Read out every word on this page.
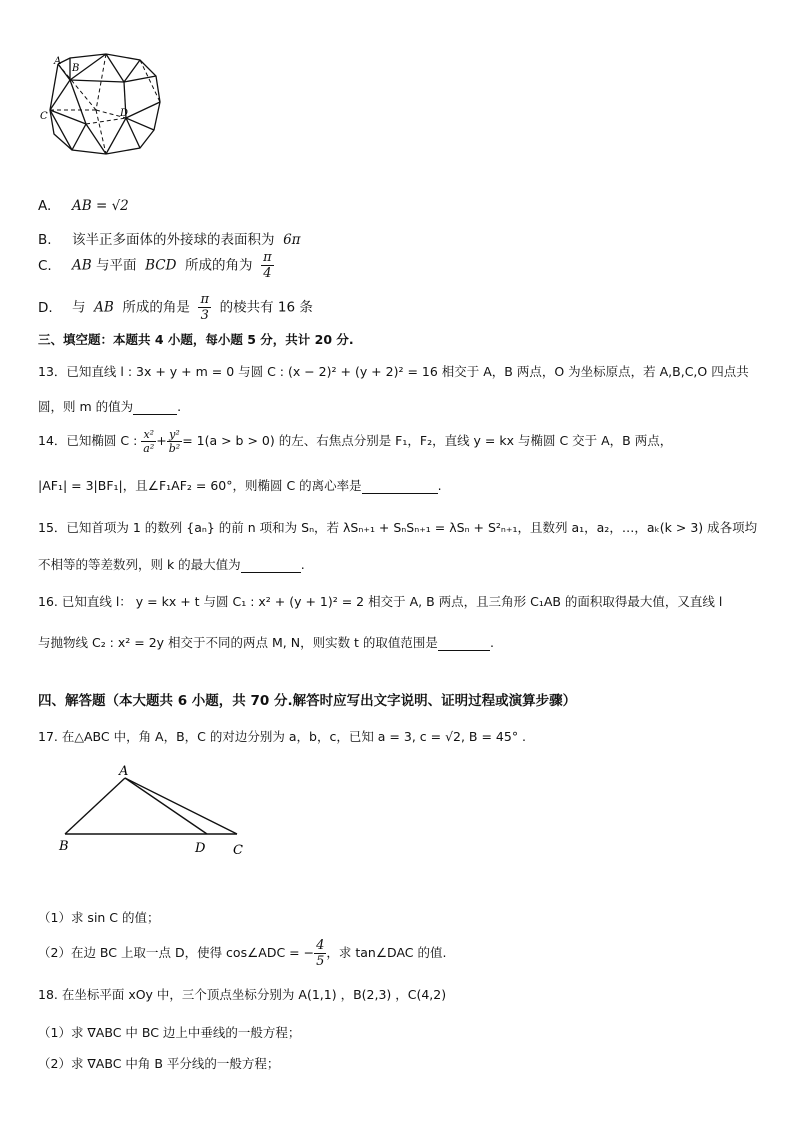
A
B
C	D
A. AB = √2
B. 该半正多面体的外接球的表面积为 6π
C. AB 与平面 BCD 所成的角为 $\frac{\pi}{4}$
D. 与 AB 所成的角是 $\frac{\pi}{3}$ 的棱共有 16 条
三、填空题：本题共 4 小题，每小题 5 分，共计 20 分.
13．已知直线 l : 3x + y + m = 0 与圆 C : (x − 2)² + (y + 2)² = 16 相交于 A，B 两点，O 为坐标原点，若 A,B,C,O 四点共
圆，则 m 的值为	.
14．已知椭圆 C : $\frac{\text{x²}}{\text{a²}} + \frac{\text{y²}}{\text{b²}} = 1(a > b > 0)$ 的左、右焦点分别是 F₁，F₂，直线 y = kx 与椭圆 C 交于 A，B 两点，
|AF₁| = 3|BF₁|，且∠F₁AF₂ = 60°，则椭圆 C 的离心率是	.
15．已知首项为 1 的数列 {aₙ} 的前 n 项和为 Sₙ，若 λSₙ₊₁ + SₙSₙ₊₁ = λSₙ + S²ₙ₊₁，且数列 a₁，a₂，…，aₖ(k > 3) 成各项均
不相等的等差数列，则 k 的最大值为	.
16. 已知直线 l： y = kx + t 与圆 C₁ : x² + (y + 1)² = 2 相交于 A, B 两点，且三角形 C₁AB 的面积取得最大值，又直线 l
与抛物线 C₂ : x² = 2y 相交于不同的两点 M, N，则实数 t 的取值范围是	.
四、解答题（本大题共 6 小题，共 70 分.解答时应写出文字说明、证明过程或演算步骤）
17. 在△ABC 中，角 A，B，C 的对边分别为 a，b，c，已知 a = 3, c = √2, B = 45° .
A
B	D C
（1）求 sin C 的值；
（2）在边 BC 上取一点 D，使得 cos∠ADC = − $\frac{4}{5}$ ，求 tan∠DAC 的值.
18. 在坐标平面 xOy 中，三个顶点坐标分别为 A(1,1) ，B(2,3) ，C(4,2)
（1）求 ∇ABC 中 BC 边上中垂线的一般方程；
（2）求 ∇ABC 中角 B 平分线的一般方程；
